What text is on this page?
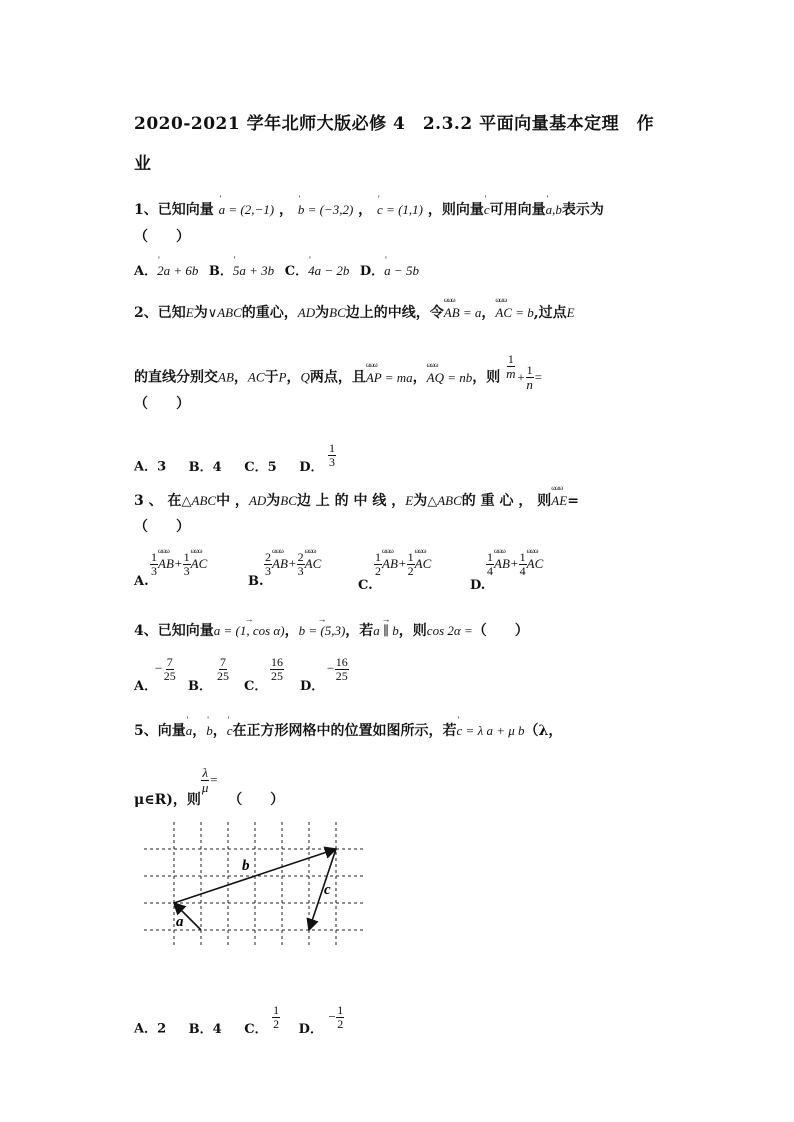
2020-2021 学年北师大版必修 4　2.3.2 平面向量基本定理　作
业
1、已知向量 ' a = (2,−1) ， ' b = (−3,2) ， ' c = (1,1) ，则向量' c可用向量' a,b表示为
（　　）
A．' 2a + 6b B．' 5a + 3b C．' 4a − 2b D．' a − 5b
2、已知E为∨ABC的重心，AD为BC边上的中线，令ωωω AB = a，ωωω AC = b,过点E
的直线分别交AB，AC于P，Q两点，且ωωω AP = ma，ωωω AQ = nb，则 $\frac{1}{m} + \frac{1}{n}$ =
（　　）
A．3 B．4 C．5 D． $\frac{1}{3}$
3 、 在△ABC中 ，AD为BC边 上 的 中 线 ，E为△ABC的 重 心 ， 则ωωω AE=
（　　）
A.
$\frac{1}{3}$ ωωω $AB+ \frac{1}{3}$ ωωω AC
B.
$\frac{2}{3}$ ωωω $AB+ \frac{2}{3}$ ωωω AC
C.
$\frac{1}{2}$ ωωω $AB+ \frac{1}{2}$ ωωω AC
D.
$\frac{1}{4}$ ωωω $AB+ \frac{1}{4}$ ωωω AC
4、已知向量→ a = (1, cos α)，→ b = (5,3)，若→ a ∥ b，则cos 2α =（　　）
A．
− $\frac{7}{25}$
B．
$\frac{7}{25}$
C．
$\frac{16}{25}$
D．
− $\frac{16}{25}$
5、向量' a，' b，' c在正方形网格中的位置如图所示，若' c = λ a + μ b（λ，
μ∈R)，则
$\frac{\lambda}{\mu}$ =（　　）
a
b
c
A．2 B．4 C． $\frac{1}{2}$ D． − $\frac{1}{2}$
